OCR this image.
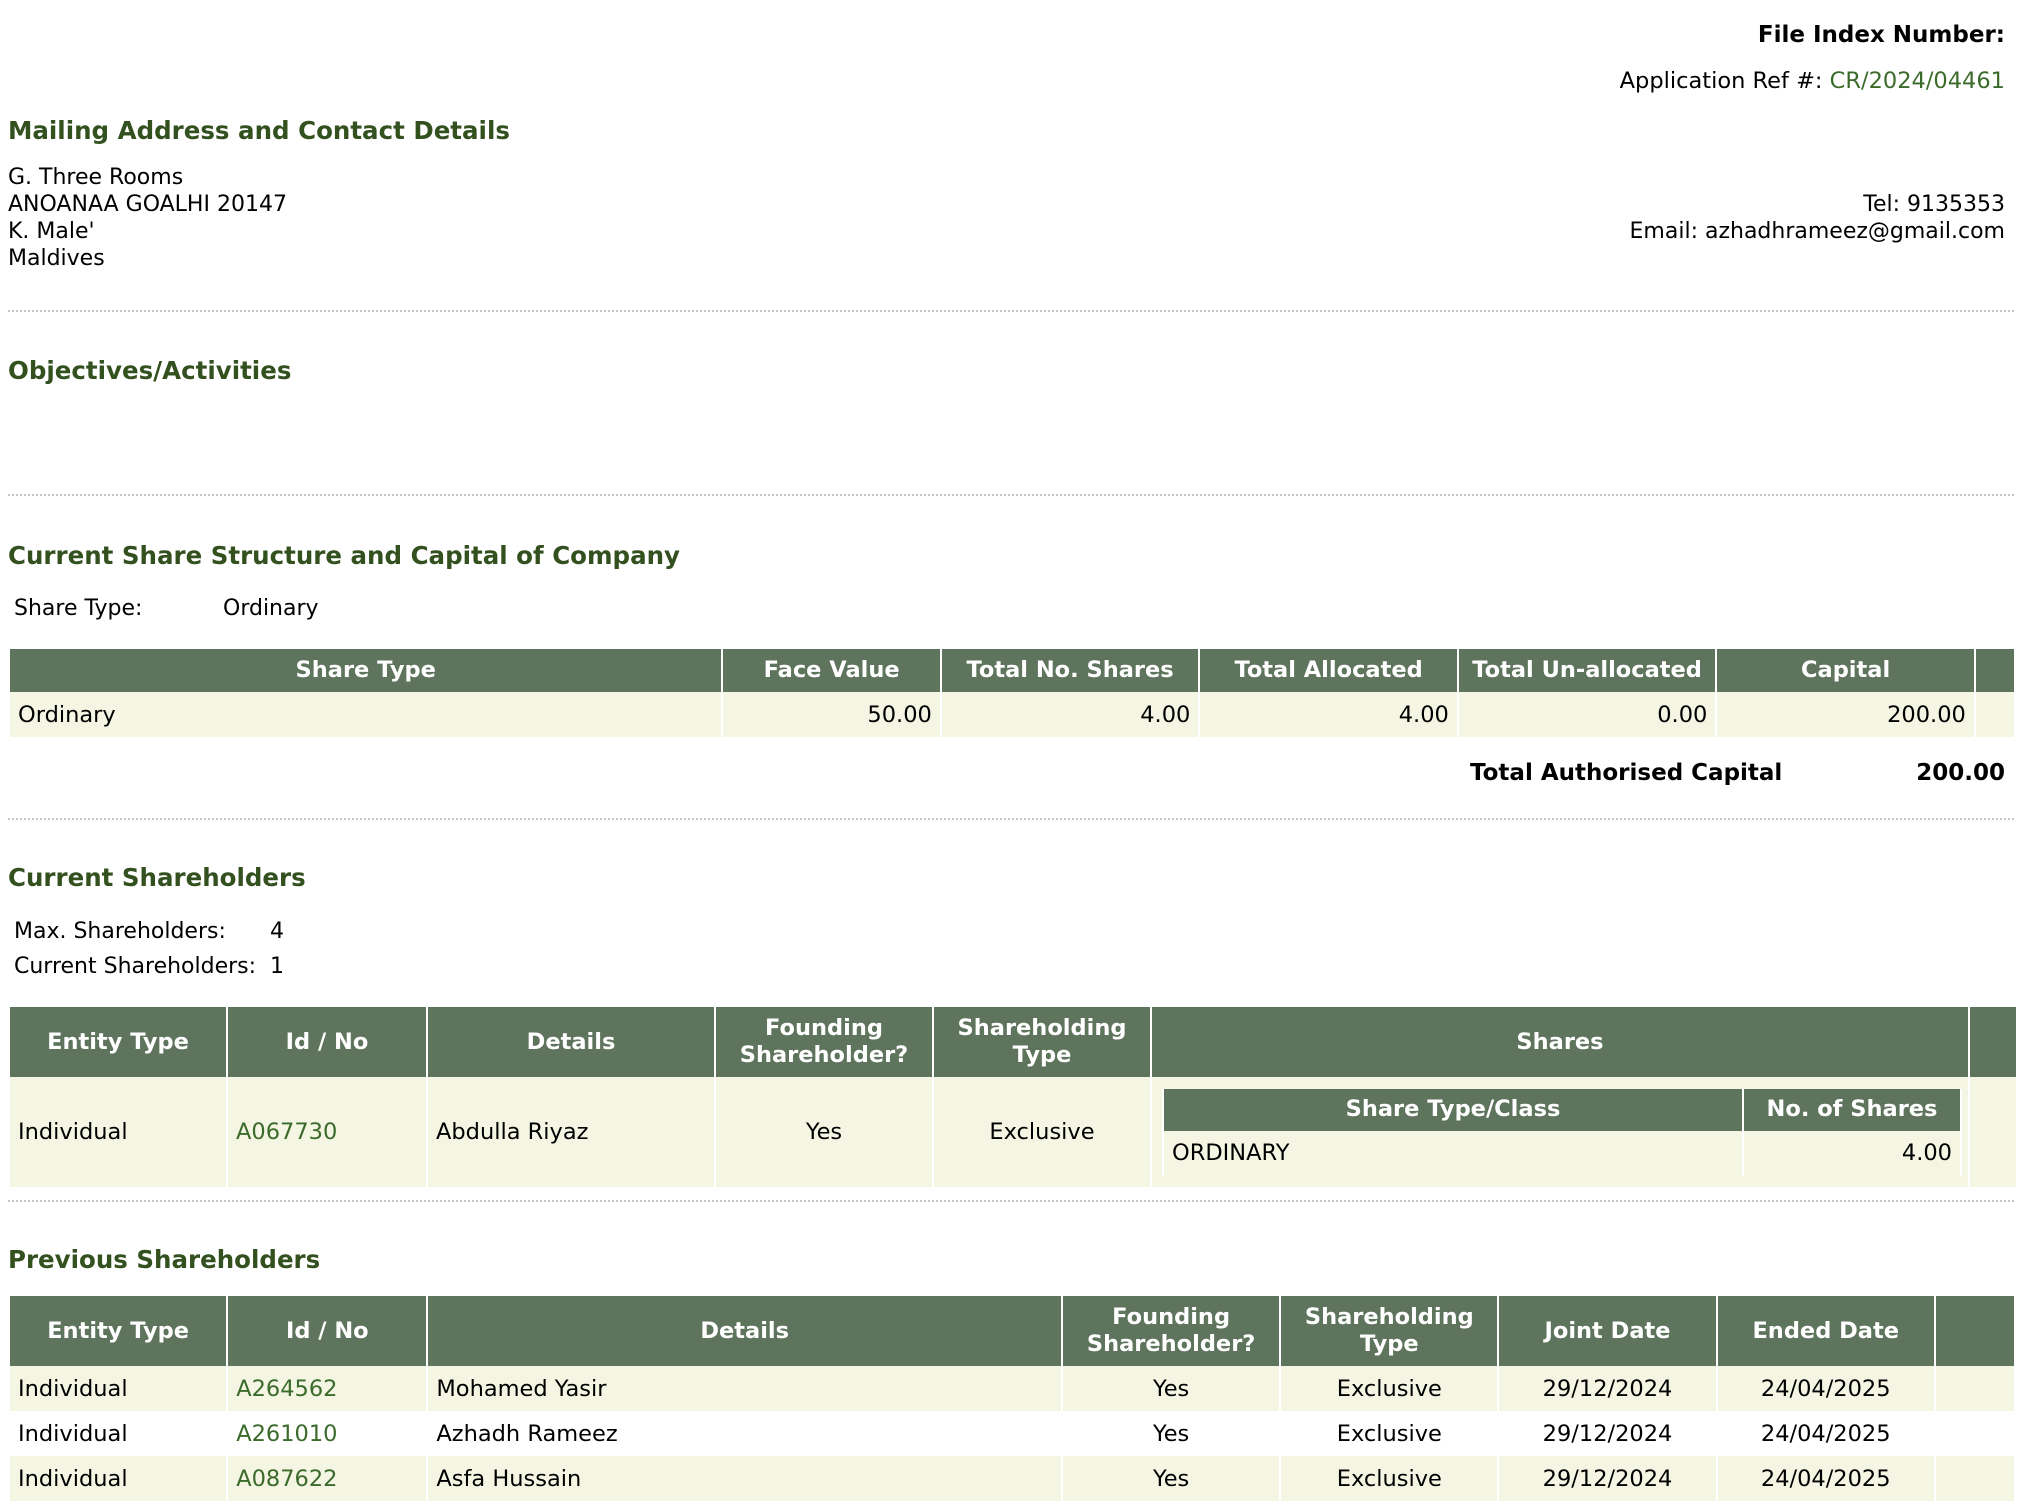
File Index Number:
Application Ref #: CR/2024/04461
Mailing Address and Contact Details
G. Three Rooms
ANOANAA GOALHI 20147
K. Male'
Maldives
Tel: 9135353
Email: azhadhrameez@gmail.com
Objectives/Activities
Current Share Structure and Capital of Company
Share Type:	Ordinary
Share Type	Face Value	Total No. Shares	Total Allocated	Total Un-allocated	Capital	
Ordinary	50.00	4.00	4.00	0.00	200.00	
Total Authorised Capital	200.00
Current Shareholders
Max. Shareholders: 4
Current Shareholders: 1
Entity Type	Id / No	Details	Founding Shareholder?	Shareholding Type	Shares	
Individual	A067730	Abdulla Riyaz	Yes	Exclusive	
Share Type/Class	No. of Shares
ORDINARY	4.00

Previous Shareholders
Entity Type	Id / No	Details	Founding Shareholder?	Shareholding Type	Joint Date	Ended Date	
Individual	A264562	Mohamed Yasir	Yes	Exclusive	29/12/2024	24/04/2025	
Individual	A261010	Azhadh Rameez	Yes	Exclusive	29/12/2024	24/04/2025	
Individual	A087622	Asfa Hussain	Yes	Exclusive	29/12/2024	24/04/2025	
